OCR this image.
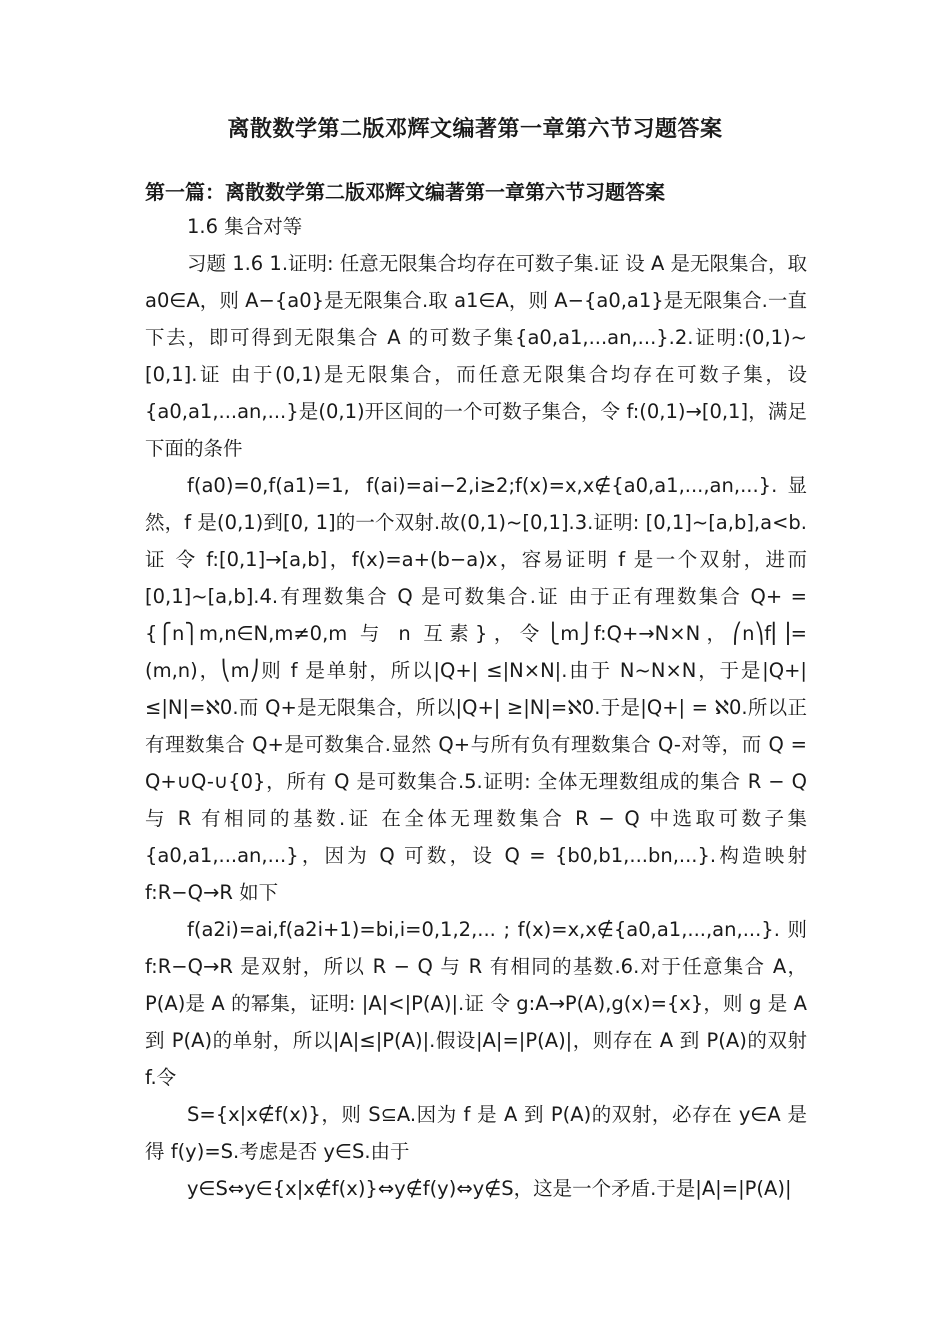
离散数学第二版邓辉文编著第一章第六节习题答案
第一篇：离散数学第二版邓辉文编著第一章第六节习题答案

1.6 集合对等

习题 1.6 1.证明: 任意无限集合均存在可数子集.证 设 A 是无限集合，取 a0∈A，则 A−{a0}是无限集合.取 a1∈A，则 A−{a0,a1}是无限集合.一直下去，即可得到无限集合 A 的可数子集{a0,a1,...an,...}.2.证明:(0,1)~[0,1].证 由于(0,1)是无限集合，而任意无限集合均存在可数子集，设{a0,a1,...an,...}是(0,1)开区间的一个可数子集合，令 f:(0,1)→[0,1]，满足下面的条件

f(a0)=0,f(a1)=1, f(ai)=ai−2,i≥2;f(x)=x,x∉{a0,a1,...,an,...}.显然，f 是(0,1)到[0, 1]的一个双射.故(0,1)~[0,1].3.证明: [0,1]~[a,b],a<b.证 令 f:[0,1]→[a,b]，f(x)=a+(b−a)x，容易证明 f 是一个双射，进而[0,1]~[a,b].4.有理数集合 Q 是可数集合.证 由于正有理数集合 Q+ = {⎧n⎫m,n∈N,m≠0,m 与 n 互素}，令⎩m⎭f:Q+→N×N，⎛n⎞f⎜⎟=(m,n)，⎝m⎠则 f 是单射，所以|Q+| ≤|N×N|.由于 N~N×N，于是|Q+| ≤|N|=ℵ0.而 Q+是无限集合，所以|Q+| ≥|N|=ℵ0.于是|Q+| = ℵ0.所以正有理数集合 Q+是可数集合.显然 Q+与所有负有理数集合 Q-对等，而 Q = Q+∪Q-∪{0}，所有 Q 是可数集合.5.证明: 全体无理数组成的集合 R − Q 与 R 有相同的基数.证 在全体无理数集合 R − Q 中选取可数子集{a0,a1,...an,...}，因为 Q 可数，设 Q = {b0,b1,...bn,...}.构造映射 f:R−Q→R 如下

f(a2i)=ai,f(a2i+1)=bi,i=0,1,2,... ; f(x)=x,x∉{a0,a1,...,an,...}. 则 f:R−Q→R 是双射，所以 R − Q 与 R 有相同的基数.6.对于任意集合 A，P(A)是 A 的幂集，证明: |A|<|P(A)|.证 令 g:A→P(A),g(x)={x}，则 g 是 A 到 P(A)的单射，所以|A|≤|P(A)|.假设|A|=|P(A)|，则存在 A 到 P(A)的双射 f.令

S={x|x∉f(x)}，则 S⊆A.因为 f 是 A 到 P(A)的双射，必存在 y∈A 是得 f(y)=S.考虑是否 y∈S.由于

y∈S⇔y∈{x|x∉f(x)}⇔y∉f(y)⇔y∉S，这是一个矛盾.于是|A|=|P(A)|
